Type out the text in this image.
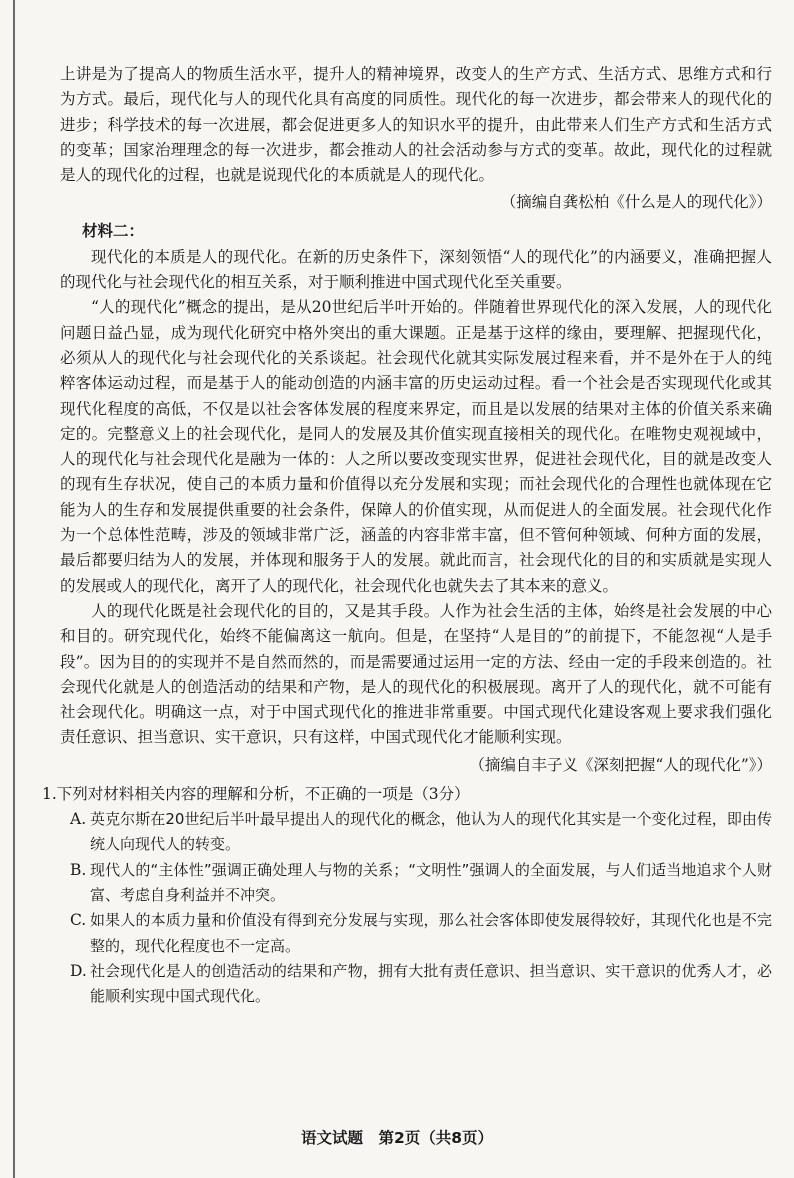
上讲是为了提高人的物质生活水平，提升人的精神境界，改变人的生产方式、生活方式、思维方式和行为方式。最后，现代化与人的现代化具有高度的同质性。现代化的每一次进步，都会带来人的现代化的进步；科学技术的每一次进展，都会促进更多人的知识水平的提升，由此带来人们生产方式和生活方式的变革；国家治理理念的每一次进步，都会推动人的社会活动参与方式的变革。故此，现代化的过程就是人的现代化的过程，也就是说现代化的本质就是人的现代化。

（摘编自龚松柏《什么是人的现代化》）

材料二：

现代化的本质是人的现代化。在新的历史条件下，深刻领悟“人的现代化”的内涵要义，准确把握人的现代化与社会现代化的相互关系，对于顺利推进中国式现代化至关重要。

“人的现代化”概念的提出，是从20世纪后半叶开始的。伴随着世界现代化的深入发展，人的现代化问题日益凸显，成为现代化研究中格外突出的重大课题。正是基于这样的缘由，要理解、把握现代化，必须从人的现代化与社会现代化的关系谈起。社会现代化就其实际发展过程来看，并不是外在于人的纯粹客体运动过程，而是基于人的能动创造的内涵丰富的历史运动过程。看一个社会是否实现现代化或其现代化程度的高低，不仅是以社会客体发展的程度来界定，而且是以发展的结果对主体的价值关系来确定的。完整意义上的社会现代化，是同人的发展及其价值实现直接相关的现代化。在唯物史观视域中，人的现代化与社会现代化是融为一体的：人之所以要改变现实世界，促进社会现代化，目的就是改变人的现有生存状况，使自己的本质力量和价值得以充分发展和实现；而社会现代化的合理性也就体现在它能为人的生存和发展提供重要的社会条件，保障人的价值实现，从而促进人的全面发展。社会现代化作为一个总体性范畴，涉及的领域非常广泛，涵盖的内容非常丰富，但不管何种领域、何种方面的发展，最后都要归结为人的发展，并体现和服务于人的发展。就此而言，社会现代化的目的和实质就是实现人的发展或人的现代化，离开了人的现代化，社会现代化也就失去了其本来的意义。

人的现代化既是社会现代化的目的，又是其手段。人作为社会生活的主体，始终是社会发展的中心和目的。研究现代化，始终不能偏离这一航向。但是，在坚持“人是目的”的前提下，不能忽视“人是手段”。因为目的的实现并不是自然而然的，而是需要通过运用一定的方法、经由一定的手段来创造的。社会现代化就是人的创造活动的结果和产物，是人的现代化的积极展现。离开了人的现代化，就不可能有社会现代化。明确这一点，对于中国式现代化的推进非常重要。中国式现代化建设客观上要求我们强化责任意识、担当意识、实干意识，只有这样，中国式现代化才能顺利实现。

（摘编自丰子义《深刻把握“人的现代化”》）

1.下列对材料相关内容的理解和分析，不正确的一项是（3分）

A. 英克尔斯在20世纪后半叶最早提出人的现代化的概念，他认为人的现代化其实是一个变化过程，即由传统人向现代人的转变。
B. 现代人的“主体性”强调正确处理人与物的关系；“文明性”强调人的全面发展，与人们适当地追求个人财富、考虑自身利益并不冲突。
C. 如果人的本质力量和价值没有得到充分发展与实现，那么社会客体即使发展得较好，其现代化也是不完整的，现代化程度也不一定高。
D. 社会现代化是人的创造活动的结果和产物，拥有大批有责任意识、担当意识、实干意识的优秀人才，必能顺利实现中国式现代化。
语文试题　第2页（共8页）
